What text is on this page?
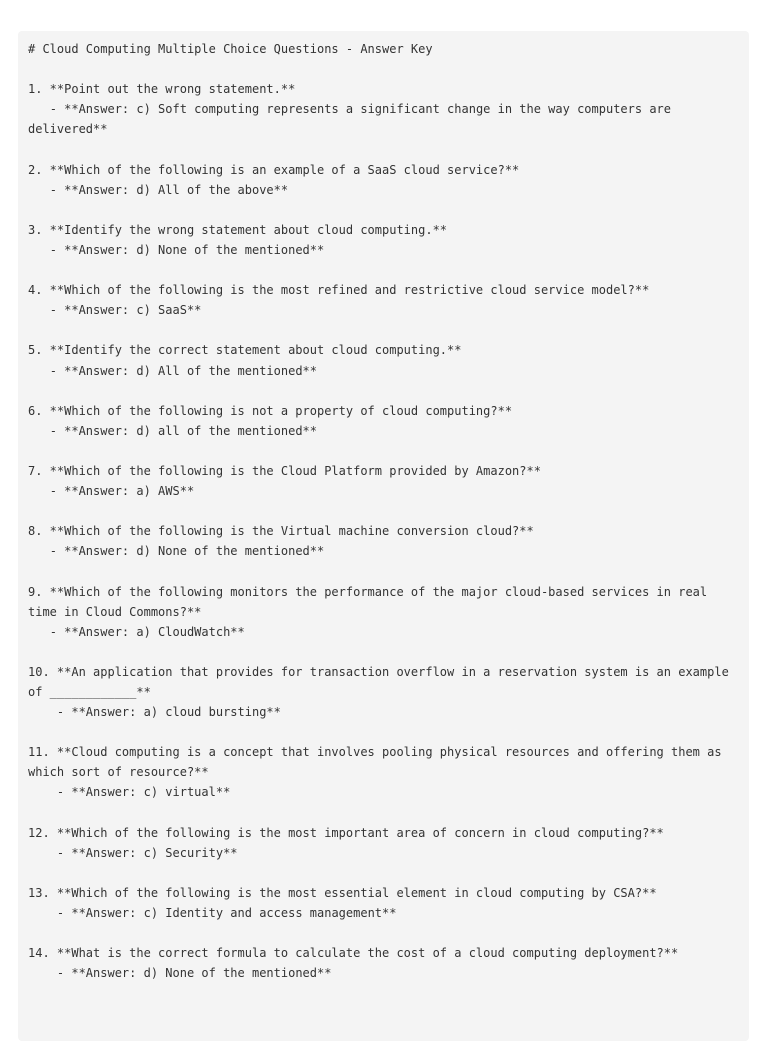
# Cloud Computing Multiple Choice Questions - Answer Key
1. **Point out the wrong statement.**
- **Answer: c) Soft computing represents a significant change in the way computers are delivered**
2. **Which of the following is an example of a SaaS cloud service?**
- **Answer: d) All of the above**
3. **Identify the wrong statement about cloud computing.**
- **Answer: d) None of the mentioned**
4. **Which of the following is the most refined and restrictive cloud service model?**
- **Answer: c) SaaS**
5. **Identify the correct statement about cloud computing.**
- **Answer: d) All of the mentioned**
6. **Which of the following is not a property of cloud computing?**
- **Answer: d) all of the mentioned**
7. **Which of the following is the Cloud Platform provided by Amazon?**
- **Answer: a) AWS**
8. **Which of the following is the Virtual machine conversion cloud?**
- **Answer: d) None of the mentioned**
9. **Which of the following monitors the performance of the major cloud-based services in real time in Cloud Commons?**
- **Answer: a) CloudWatch**
10. **An application that provides for transaction overflow in a reservation system is an example of ____________**
- **Answer: a) cloud bursting**
11. **Cloud computing is a concept that involves pooling physical resources and offering them as which sort of resource?**
- **Answer: c) virtual**
12. **Which of the following is the most important area of concern in cloud computing?**
- **Answer: c) Security**
13. **Which of the following is the most essential element in cloud computing by CSA?**
- **Answer: c) Identity and access management**
14. **What is the correct formula to calculate the cost of a cloud computing deployment?**
- **Answer: d) None of the mentioned**
